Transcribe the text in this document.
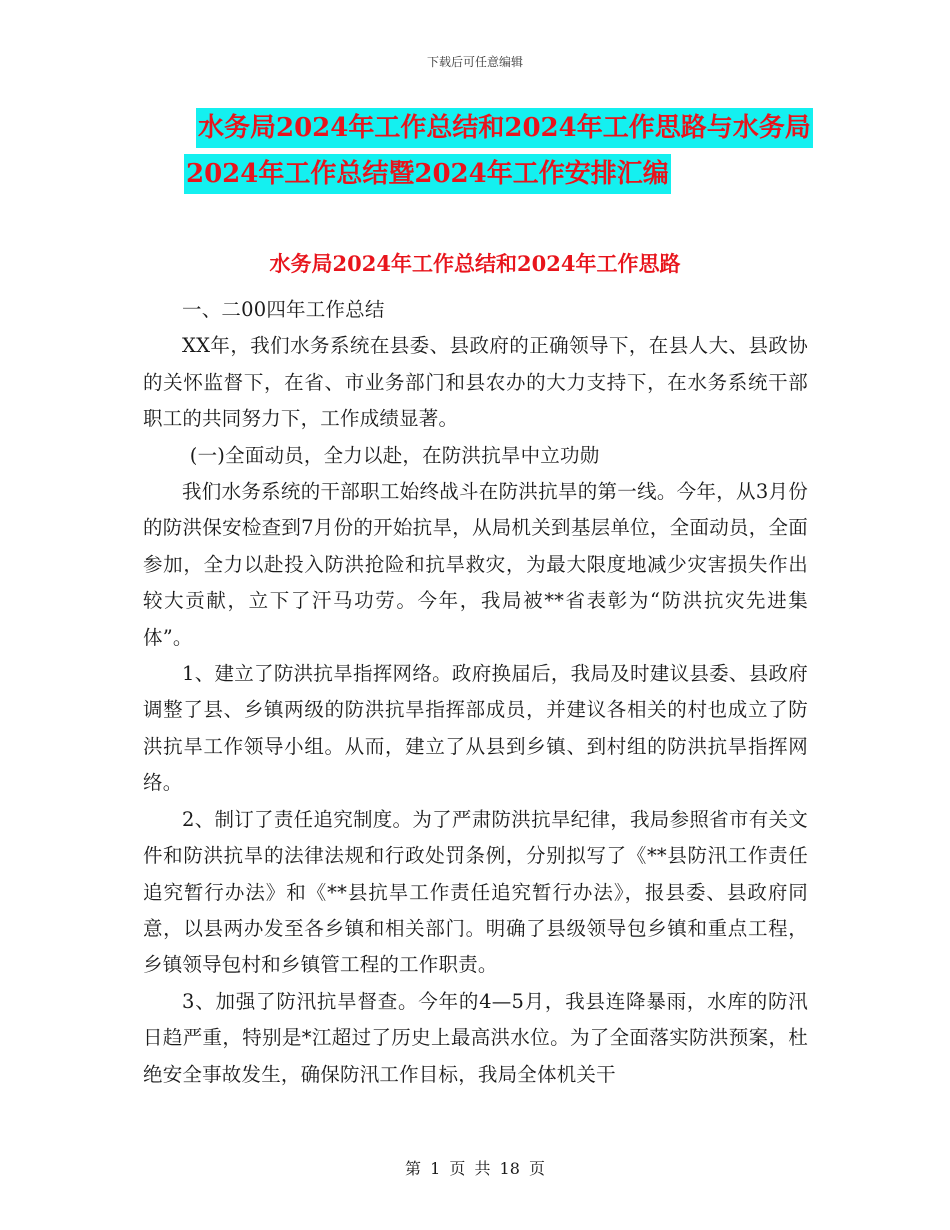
下载后可任意编辑
水务局2024年工作总结和2024年工作思路与水务局
2024年工作总结暨2024年工作安排汇编
水务局2024年工作总结和2024年工作思路

一、二00四年工作总结

XX年，我们水务系统在县委、县政府的正确领导下，在县人大、县政协的关怀监督下，在省、市业务部门和县农办的大力支持下，在水务系统干部职工的共同努力下，工作成绩显著。

(一)全面动员，全力以赴，在防洪抗旱中立功勋

我们水务系统的干部职工始终战斗在防洪抗旱的第一线。今年，从3月份的防洪保安检查到7月份的开始抗旱，从局机关到基层单位，全面动员，全面参加，全力以赴投入防洪抢险和抗旱救灾，为最大限度地减少灾害损失作出较大贡献，立下了汗马功劳。今年，我局被**省表彰为“防洪抗灾先进集体”。

1、建立了防洪抗旱指挥网络。政府换届后，我局及时建议县委、县政府调整了县、乡镇两级的防洪抗旱指挥部成员，并建议各相关的村也成立了防洪抗旱工作领导小组。从而，建立了从县到乡镇、到村组的防洪抗旱指挥网络。

2、制订了责任追究制度。为了严肃防洪抗旱纪律，我局参照省市有关文件和防洪抗旱的法律法规和行政处罚条例，分别拟写了《**县防汛工作责任追究暂行办法》和《**县抗旱工作责任追究暂行办法》，报县委、县政府同意，以县两办发至各乡镇和相关部门。明确了县级领导包乡镇和重点工程，乡镇领导包村和乡镇管工程的工作职责。

3、加强了防汛抗旱督查。今年的4—5月，我县连降暴雨，水库的防汛日趋严重，特别是*江超过了历史上最高洪水位。为了全面落实防洪预案，杜绝安全事故发生，确保防汛工作目标，我局全体机关干

第 1 页 共 18 页
